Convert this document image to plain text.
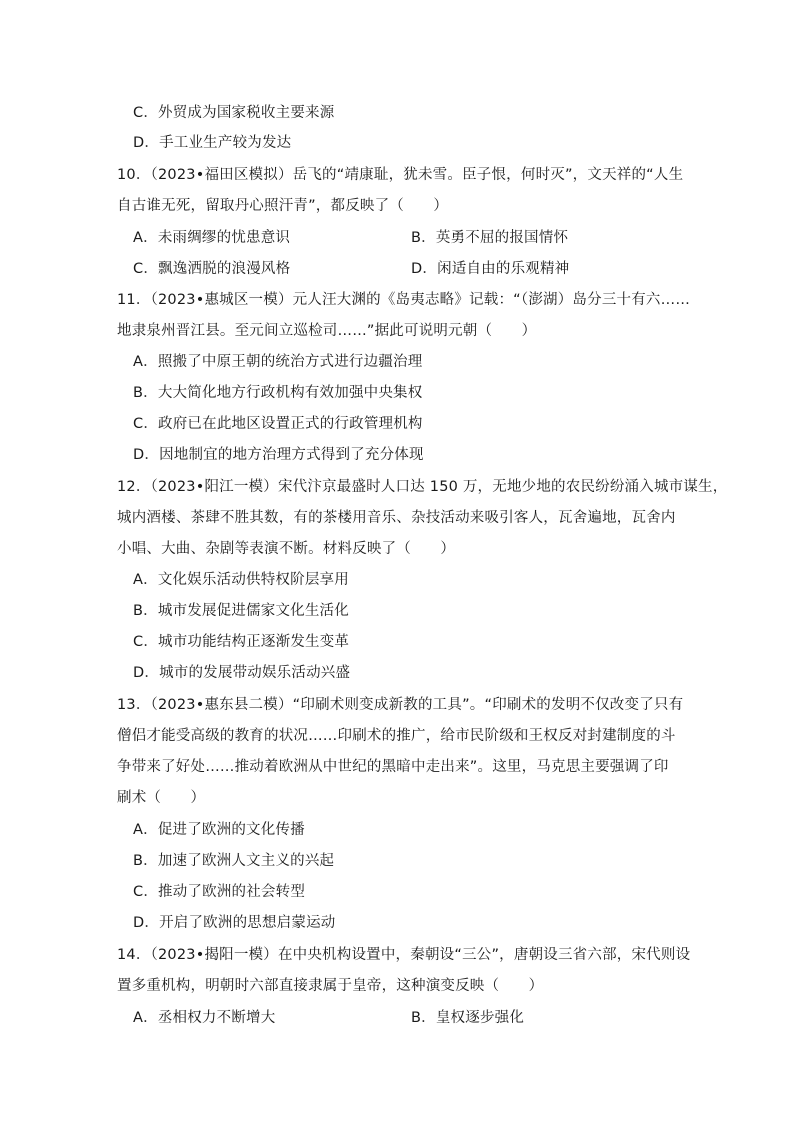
C．外贸成为国家税收主要来源
D．手工业生产较为发达
10．（2023•福田区模拟）岳飞的“靖康耻，犹未雪。臣子恨，何时灭”，文天祥的“人生
自古谁无死，留取丹心照汗青”，都反映了（　　）
A．未雨绸缪的忧患意识	B．英勇不屈的报国情怀
C．飘逸洒脱的浪漫风格	D．闲适自由的乐观精神
11．（2023•惠城区一模）元人汪大渊的《岛夷志略》记载：“（澎湖）岛分三十有六……
地隶泉州晋江县。至元间立巡检司……”据此可说明元朝（　　）
A．照搬了中原王朝的统治方式进行边疆治理
B．大大简化地方行政机构有效加强中央集权
C．政府已在此地区设置正式的行政管理机构
D．因地制宜的地方治理方式得到了充分体现
12．（2023•阳江一模）宋代汴京最盛时人口达 150 万，无地少地的农民纷纷涌入城市谋生，
城内酒楼、茶肆不胜其数，有的茶楼用音乐、杂技活动来吸引客人，瓦舍遍地，瓦舍内
小唱、大曲、杂剧等表演不断。材料反映了（　　）
A．文化娱乐活动供特权阶层享用
B．城市发展促进儒家文化生活化
C．城市功能结构正逐渐发生变革
D．城市的发展带动娱乐活动兴盛
13．（2023•惠东县二模）“印刷术则变成新教的工具”。“印刷术的发明不仅改变了只有
僧侣才能受高级的教育的状况……印刷术的推广，给市民阶级和王权反对封建制度的斗
争带来了好处……推动着欧洲从中世纪的黑暗中走出来”。这里，马克思主要强调了印
刷术（　　）
A．促进了欧洲的文化传播
B．加速了欧洲人文主义的兴起
C．推动了欧洲的社会转型
D．开启了欧洲的思想启蒙运动
14．（2023•揭阳一模）在中央机构设置中，秦朝设“三公”，唐朝设三省六部，宋代则设
置多重机构，明朝时六部直接隶属于皇帝，这种演变反映（　　）
A．丞相权力不断增大	B．皇权逐步强化
